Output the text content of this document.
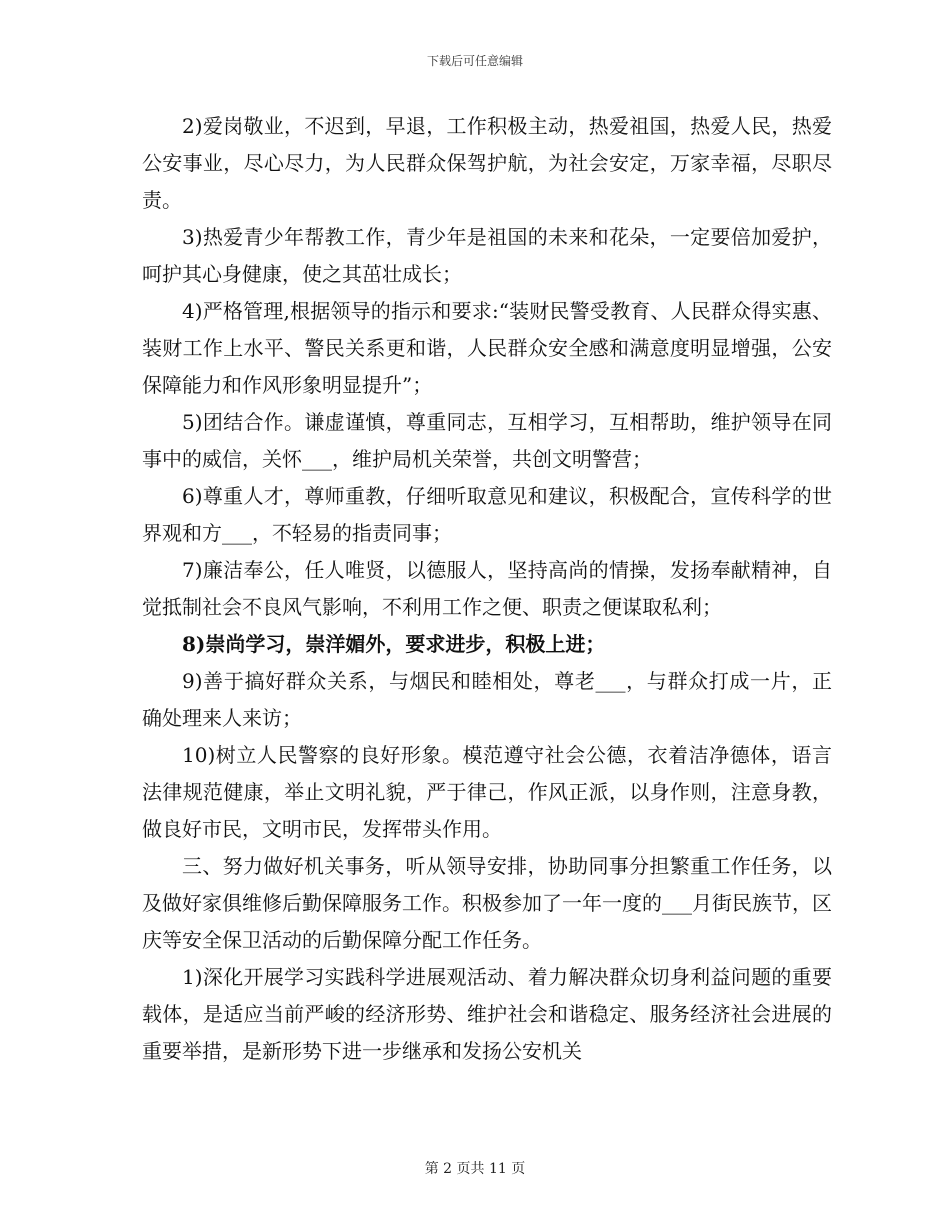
下载后可任意编辑

2)爱岗敬业，不迟到，早退，工作积极主动，热爱祖国，热爱人民，热爱公安事业，尽心尽力，为人民群众保驾护航，为社会安定，万家幸福，尽职尽责。

3)热爱青少年帮教工作，青少年是祖国的未来和花朵，一定要倍加爱护，呵护其心身健康，使之其茁壮成长；

4)严格管理,根据领导的指示和要求:“装财民警受教育、人民群众得实惠、装财工作上水平、警民关系更和谐，人民群众安全感和满意度明显增强，公安保障能力和作风形象明显提升”；

5)团结合作。谦虚谨慎，尊重同志，互相学习，互相帮助，维护领导在同事中的威信，关怀___，维护局机关荣誉，共创文明警营；

6)尊重人才，尊师重教，仔细听取意见和建议，积极配合，宣传科学的世界观和方___，不轻易的指责同事；

7)廉洁奉公，任人唯贤，以德服人，坚持高尚的情操，发扬奉献精神，自觉抵制社会不良风气影响，不利用工作之便、职责之便谋取私利；

8)崇尚学习，崇洋媚外，要求进步，积极上进；

9)善于搞好群众关系，与烟民和睦相处，尊老___，与群众打成一片，正确处理来人来访；

10)树立人民警察的良好形象。模范遵守社会公德，衣着洁净德体，语言法律规范健康，举止文明礼貌，严于律己，作风正派，以身作则，注意身教，做良好市民，文明市民，发挥带头作用。

三、努力做好机关事务，听从领导安排，协助同事分担繁重工作任务，以及做好家俱维修后勤保障服务工作。积极参加了一年一度的___月街民族节，区庆等安全保卫活动的后勤保障分配工作任务。

1)深化开展学习实践科学进展观活动、着力解决群众切身利益问题的重要载体，是适应当前严峻的经济形势、维护社会和谐稳定、服务经济社会进展的重要举措，是新形势下进一步继承和发扬公安机关

第 2 页共 11 页
